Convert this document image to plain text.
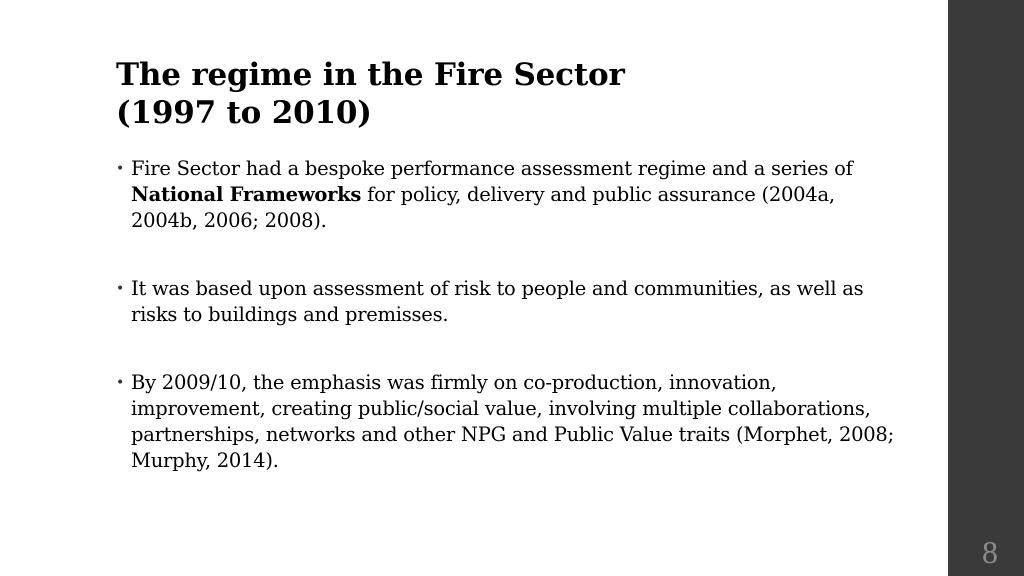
The regime in the Fire Sector
(1997 to 2010)
• Fire Sector had a bespoke performance assessment regime and a series of National Frameworks for policy, delivery and public assurance (2004a, 2004b, 2006; 2008).
• It was based upon assessment of risk to people and communities, as well as risks to buildings and premisses.
• By 2009/10, the emphasis was firmly on co-production, innovation, improvement, creating public/social value, involving multiple collaborations, partnerships, networks and other NPG and Public Value traits (Morphet, 2008; Murphy, 2014).
8
